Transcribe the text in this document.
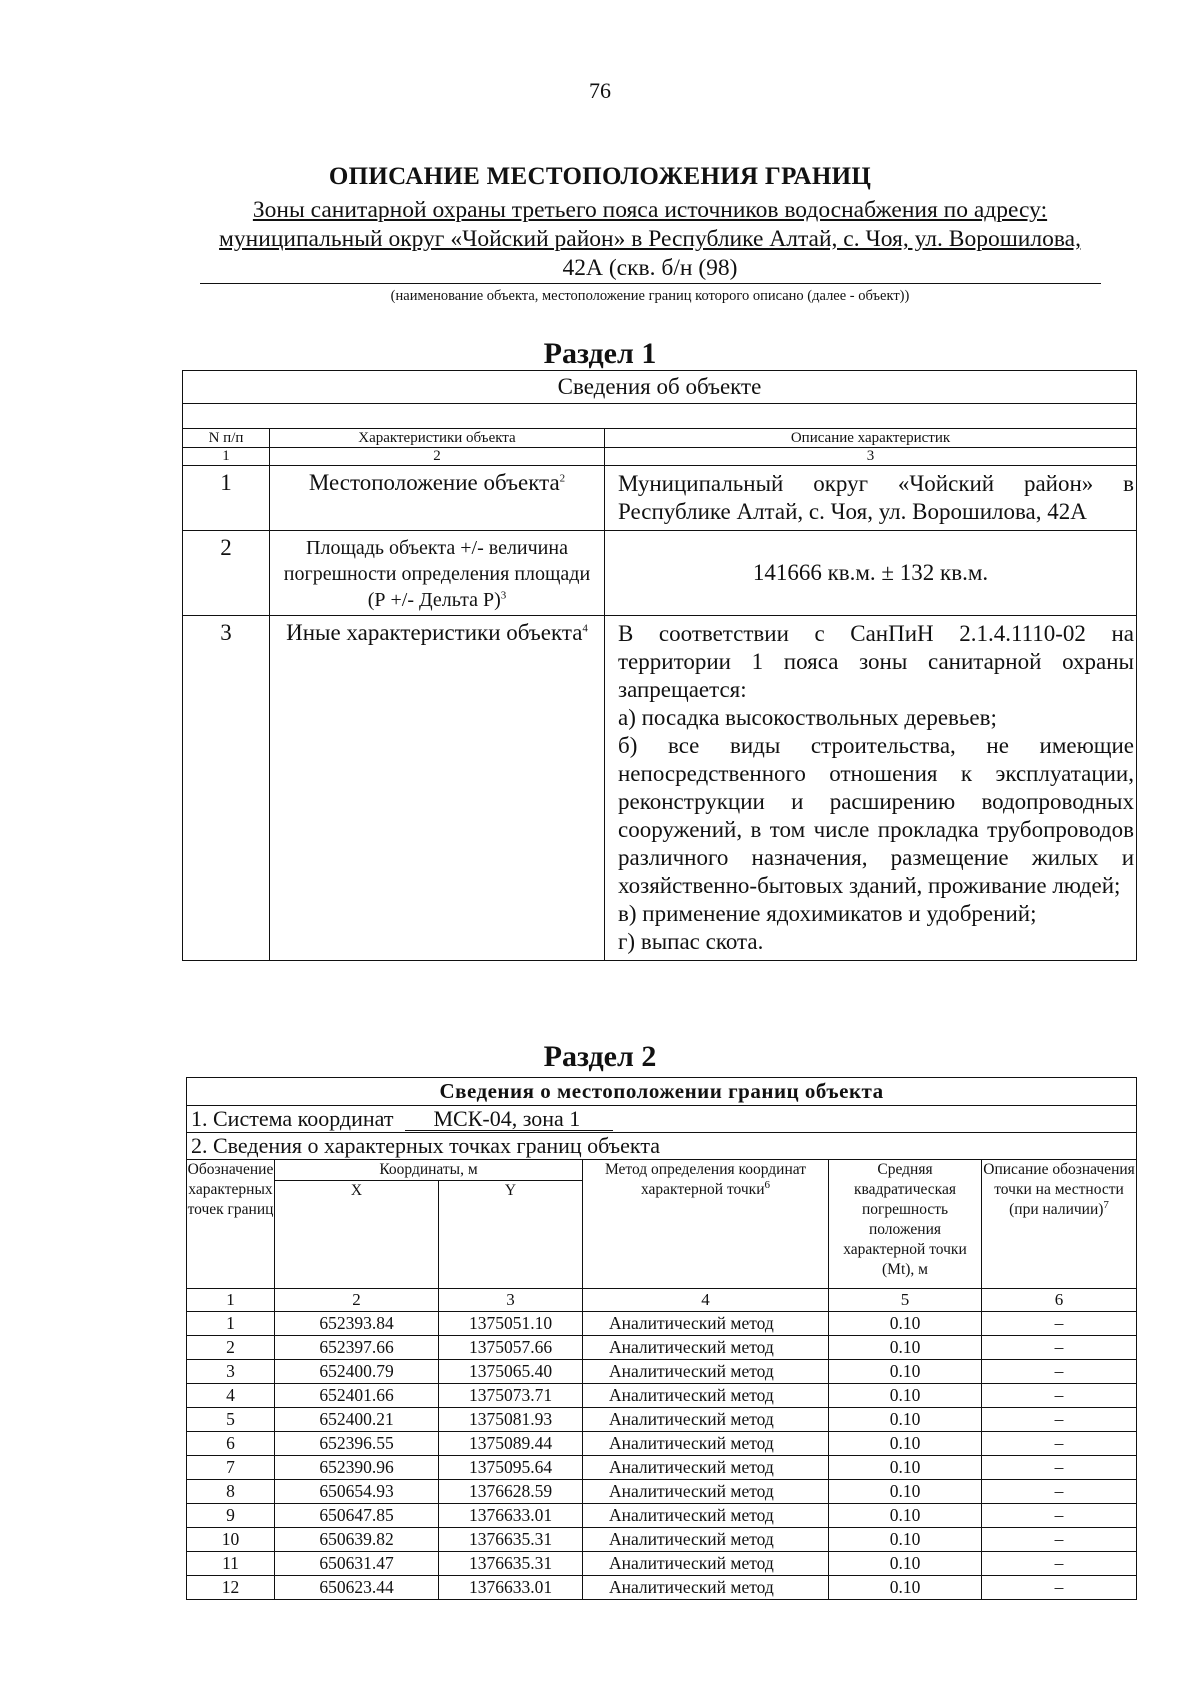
76
ОПИСАНИЕ МЕСТОПОЛОЖЕНИЯ ГРАНИЦ
Зоны санитарной охраны третьего пояса источников водоснабжения по адресу:
муниципальный округ «Чойский район» в Республике Алтай, с. Чоя, ул. Ворошилова,
42А (скв. б/н (98)
(наименование объекта, местоположение границ которого описано (далее - объект))
Раздел 1
Сведения об объекте		

N п/п	Характеристики объекта	Описание характеристик
1	2	3
1	Местоположение объекта$^2$	Муниципальный округ «Чойский район» в Республике Алтай, с. Чоя, ул. Ворошилова, 42А
2	Площадь объекта +/- величина погрешности определения площади (Р +/- Дельта Р)$^3$	141666 кв.м. ± 132 кв.м.
3	Иные характеристики объекта$^4$	В соответствии с СанПиН 2.1.4.1110-02 на территории 1 пояса зоны санитарной охраны запрещается:
а) посадка высокоствольных деревьев;
б) все виды строительства, не имеющие непосредственного отношения к эксплуатации, реконструкции и расширению водопроводных сооружений, в том числе прокладка трубопроводов различного назначения, размещение жилых и хозяйственно-бытовых зданий, проживание людей;
в) применение ядохимикатов и удобрений;
г) выпас скота.
Раздел 2
Сведения о местоположении границ объекта					
1. Система координат МСК-04, зона 1					
2. Сведения о характерных точках границ объекта					
Обозначение характерных точек границ	Координаты, м		Метод определения координат характерной точки$^6$	Средняя квадратическая погрешность положения характерной точки (Mt), м	Описание обозначения точки на местности (при наличии)$^7$
	X	Y			
1	2	3	4	5	6
1	652393.84	1375051.10	Аналитический метод	0.10	–
2	652397.66	1375057.66	Аналитический метод	0.10	–
3	652400.79	1375065.40	Аналитический метод	0.10	–
4	652401.66	1375073.71	Аналитический метод	0.10	–
5	652400.21	1375081.93	Аналитический метод	0.10	–
6	652396.55	1375089.44	Аналитический метод	0.10	–
7	652390.96	1375095.64	Аналитический метод	0.10	–
8	650654.93	1376628.59	Аналитический метод	0.10	–
9	650647.85	1376633.01	Аналитический метод	0.10	–
10	650639.82	1376635.31	Аналитический метод	0.10	–
11	650631.47	1376635.31	Аналитический метод	0.10	–
12	650623.44	1376633.01	Аналитический метод	0.10	–
